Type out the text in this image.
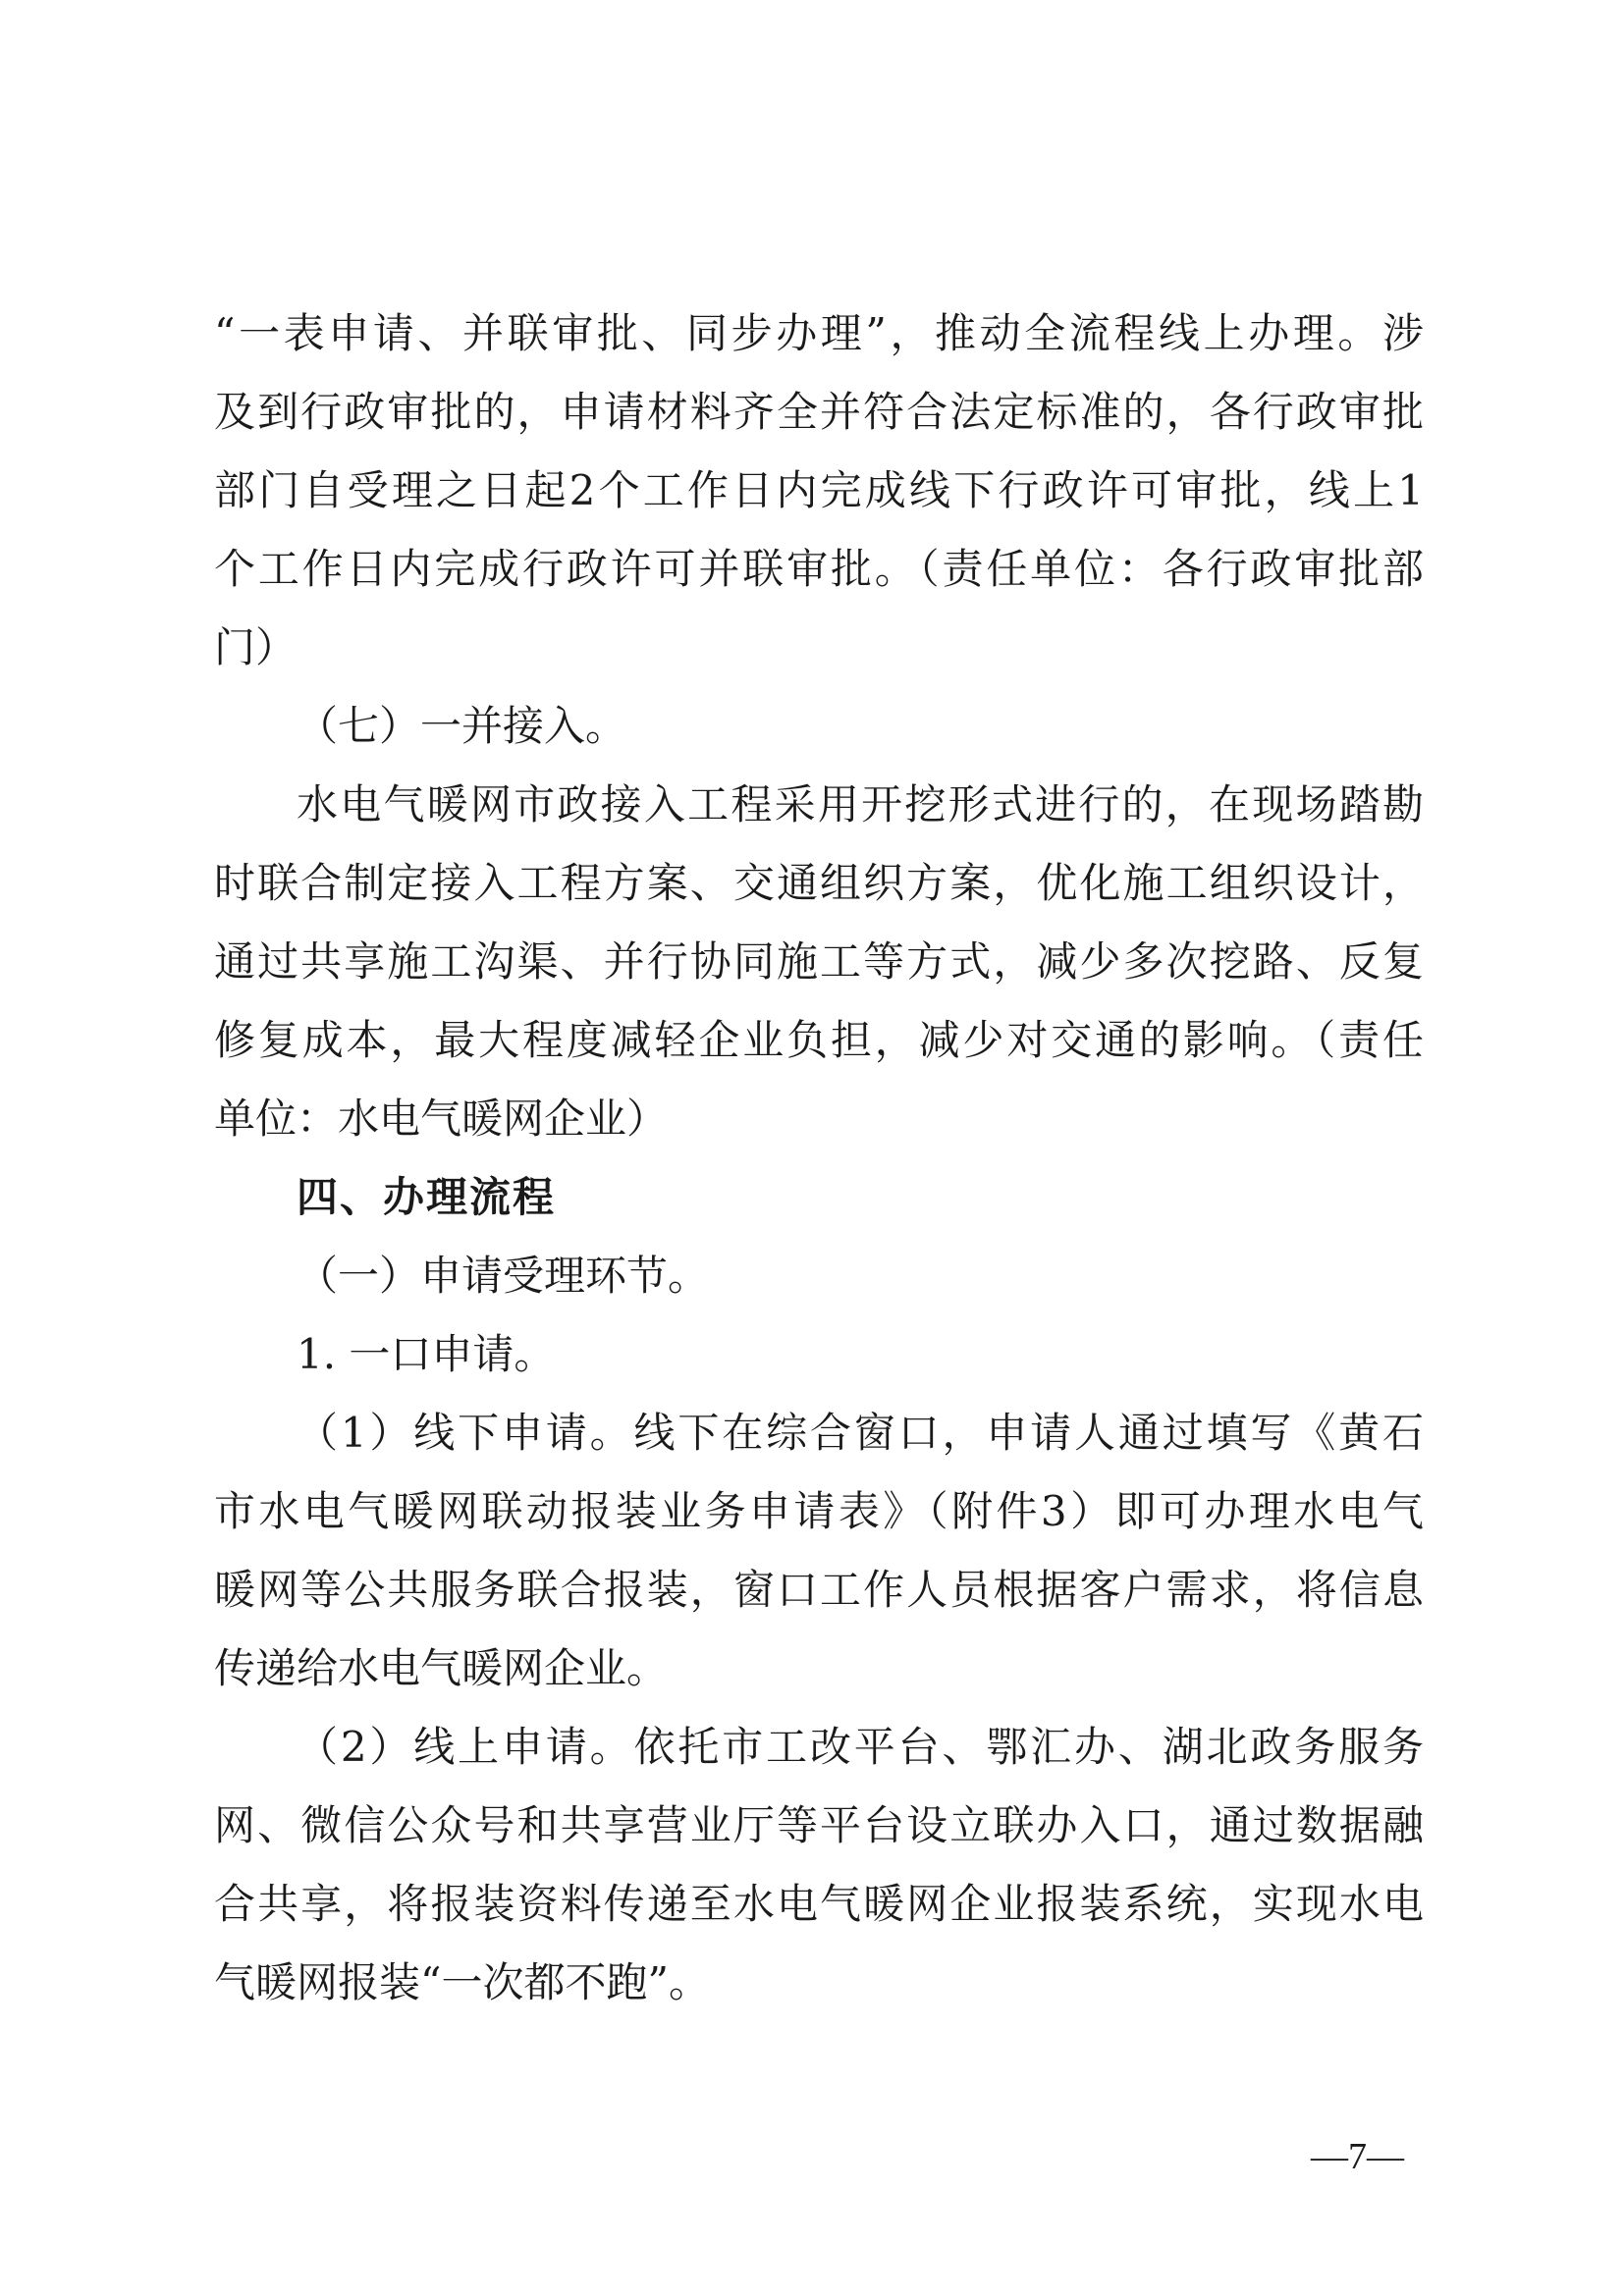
“一表申请、并联审批、同步办理”，推动全流程线上办理。涉
及到行政审批的，申请材料齐全并符合法定标准的，各行政审批
部门自受理之日起2个工作日内完成线下行政许可审批，线上1
个工作日内完成行政许可并联审批。（责任单位：各行政审批部
门）
（七）一并接入。
水电气暖网市政接入工程采用开挖形式进行的，在现场踏勘
时联合制定接入工程方案、交通组织方案，优化施工组织设计，
通过共享施工沟渠、并行协同施工等方式，减少多次挖路、反复
修复成本，最大程度减轻企业负担，减少对交通的影响。（责任
单位：水电气暖网企业）
四、办理流程
（一）申请受理环节。
1. 一口申请。
（1）线下申请。线下在综合窗口，申请人通过填写《黄石
市水电气暖网联动报装业务申请表》（附件3）即可办理水电气
暖网等公共服务联合报装，窗口工作人员根据客户需求，将信息
传递给水电气暖网企业。
（2）线上申请。依托市工改平台、鄂汇办、湖北政务服务
网、微信公众号和共享营业厅等平台设立联办入口，通过数据融
合共享，将报装资料传递至水电气暖网企业报装系统，实现水电
气暖网报装“一次都不跑”。
—7—
